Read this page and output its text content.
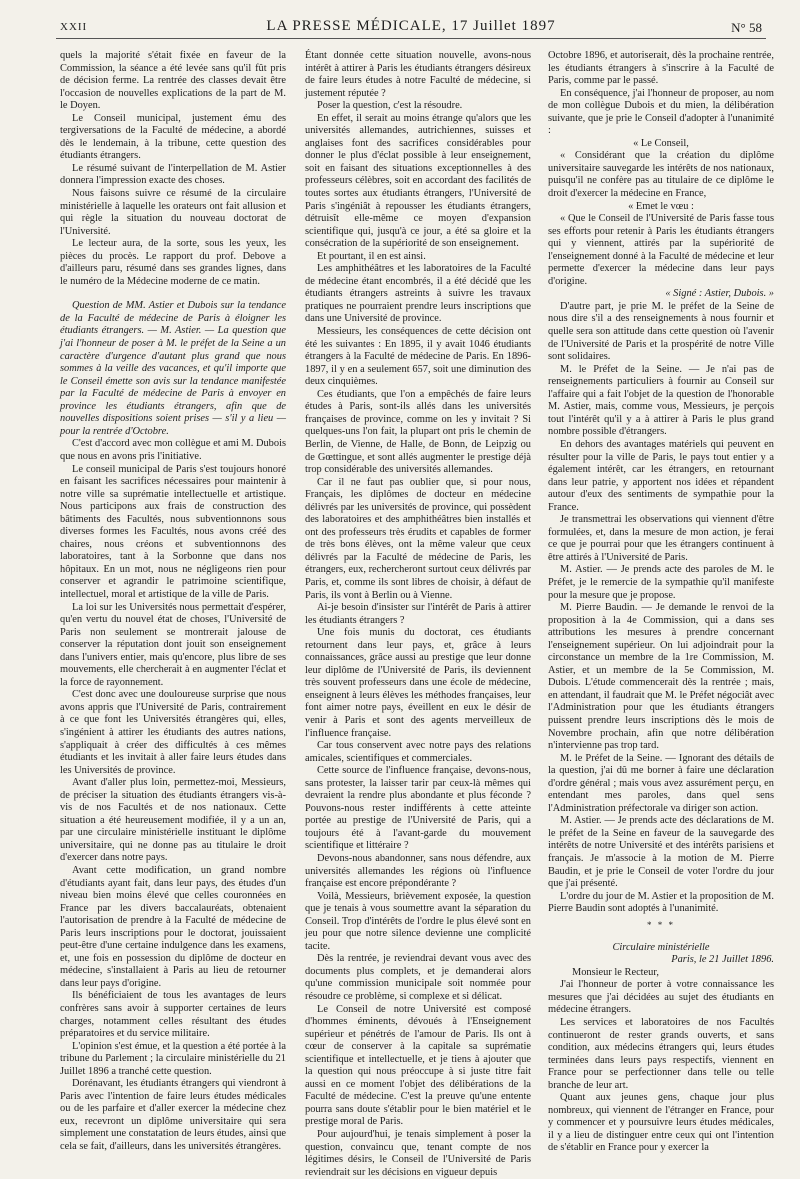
XXII	LA PRESSE MÉDICALE, 17 Juillet 1897	N° 58

quels la majorité s'était fixée en faveur de la Commission, la séance a été levée sans qu'il fût pris de décision ferme. La rentrée des classes devait être l'occasion de nouvelles explications de la part de M. le Doyen.

Le Conseil municipal, justement ému des tergiversations de la Faculté de médecine, a abordé dès le lendemain, à la tribune, cette question des étudiants étrangers.

Le résumé suivant de l'interpellation de M. Astier donnera l'impression exacte des choses.

Nous faisons suivre ce résumé de la circulaire ministérielle à laquelle les orateurs ont fait allusion et qui règle la situation du nouveau doctorat de l'Université.

Le lecteur aura, de la sorte, sous les yeux, les pièces du procès. Le rapport du prof. Debove a d'ailleurs paru, résumé dans ses grandes lignes, dans le numéro de la Médecine moderne de ce matin.

Question de MM. Astier et Dubois sur la tendance de la Faculté de médecine de Paris à éloigner les étudiants étrangers. — M. Astier. — La question que j'ai l'honneur de poser à M. le préfet de la Seine a un caractère d'urgence d'autant plus grand que nous sommes à la veille des vacances, et qu'il importe que le Conseil émette son avis sur la tendance manifestée par la Faculté de médecine de Paris à envoyer en province les étudiants étrangers, afin que de nouvelles dispositions soient prises — s'il y a lieu — pour la rentrée d'Octobre.

C'est d'accord avec mon collègue et ami M. Dubois que nous en avons pris l'initiative.

Le conseil municipal de Paris s'est toujours honoré en faisant les sacrifices nécessaires pour maintenir à notre ville sa suprématie intellectuelle et artistique. Nous participons aux frais de construction des bâtiments des Facultés, nous subventionnons sous diverses formes les Facultés, nous avons créé des chaires, nous créons et subventionnons des laboratoires, tant à la Sorbonne que dans nos hôpitaux. En un mot, nous ne négligeons rien pour conserver et agrandir le patrimoine scientifique, intellectuel, moral et artistique de la ville de Paris.

La loi sur les Universités nous permettait d'espérer, qu'en vertu du nouvel état de choses, l'Université de Paris non seulement se montrerait jalouse de conserver la réputation dont jouit son enseignement dans l'univers entier, mais qu'encore, plus libre de ses mouvements, elle chercherait à en augmenter l'éclat et la force de rayonnement.

C'est donc avec une douloureuse surprise que nous avons appris que l'Université de Paris, contrairement à ce que font les Universités étrangères qui, elles, s'ingénient à attirer les étudiants des autres nations, s'appliquait à créer des difficultés à ces mêmes étudiants et les invitait à aller faire leurs études dans les Universités de province.

Avant d'aller plus loin, permettez-moi, Messieurs, de préciser la situation des étudiants étrangers vis-à-vis de nos Facultés et de nos nationaux. Cette situation a été heureusement modifiée, il y a un an, par une circulaire ministérielle instituant le diplôme universitaire, qui ne donne pas au titulaire le droit d'exercer dans notre pays.

Avant cette modification, un grand nombre d'étudiants ayant fait, dans leur pays, des études d'un niveau bien moins élevé que celles couronnées en France par les divers baccalauréats, obtenaient l'autorisation de prendre à la Faculté de médecine de Paris leurs inscriptions pour le doctorat, jouissaient peut-être d'une certaine indulgence dans les examens, et, une fois en possession du diplôme de docteur en médecine, s'installaient à Paris au lieu de retourner dans leur pays d'origine.

Ils bénéficiaient de tous les avantages de leurs confrères sans avoir à supporter certaines de leurs charges, notamment celles résultant des études préparatoires et du service militaire.

L'opinion s'est émue, et la question a été portée à la tribune du Parlement ; la circulaire ministérielle du 21 Juillet 1896 a tranché cette question.

Dorénavant, les étudiants étrangers qui viendront à Paris avec l'intention de faire leurs études médicales ou de les parfaire et d'aller exercer la médecine chez eux, recevront un diplôme universitaire qui sera simplement une constatation de leurs études, ainsi que cela se fait, d'ailleurs, dans les universités étrangères.

Étant donnée cette situation nouvelle, avons-nous intérêt à attirer à Paris les étudiants étrangers désireux de faire leurs études à notre Faculté de médecine, si justement réputée ?

Poser la question, c'est la résoudre.

En effet, il serait au moins étrange qu'alors que les universités allemandes, autrichiennes, suisses et anglaises font des sacrifices considérables pour donner le plus d'éclat possible à leur enseignement, soit en faisant des situations exceptionnelles à des professeurs célèbres, soit en accordant des facilités de toutes sortes aux étudiants étrangers, l'Université de Paris s'ingéniât à repousser les étudiants étrangers, détruisît elle-même ce moyen d'expansion scientifique qui, jusqu'à ce jour, a été sa gloire et la consécration de la supériorité de son enseignement.

Et pourtant, il en est ainsi.

Les amphithéâtres et les laboratoires de la Faculté de médecine étant encombrés, il a été décidé que les étudiants étrangers astreints à suivre les travaux pratiques ne pourraient prendre leurs inscriptions que dans une Université de province.

Messieurs, les conséquences de cette décision ont été les suivantes : En 1895, il y avait 1046 étudiants étrangers à la Faculté de médecine de Paris. En 1896-1897, il y en a seulement 657, soit une diminution des deux cinquièmes.

Ces étudiants, que l'on a empêchés de faire leurs études à Paris, sont-ils allés dans les universités françaises de province, comme on les y invitait ? Si quelques-uns l'on fait, la plupart ont pris le chemin de Berlin, de Vienne, de Halle, de Bonn, de Leipzig ou de Gœttingue, et sont allés augmenter le prestige déjà trop considérable des universités allemandes.

Car il ne faut pas oublier que, si pour nous, Français, les diplômes de docteur en médecine délivrés par les universités de province, qui possèdent des laboratoires et des amphithéâtres bien installés et ont des professeurs très érudits et capables de former de très bons élèves, ont la même valeur que ceux délivrés par la Faculté de médecine de Paris, les étrangers, eux, rechercheront surtout ceux délivrés par Paris, et, comme ils sont libres de choisir, à défaut de Paris, ils vont à Berlin ou à Vienne.

Ai-je besoin d'insister sur l'intérêt de Paris à attirer les étudiants étrangers ?

Une fois munis du doctorat, ces étudiants retournent dans leur pays, et, grâce à leurs connaissances, grâce aussi au prestige que leur donne leur diplôme de l'Université de Paris, ils deviennent très souvent professeurs dans une école de médecine, enseignent à leurs élèves les méthodes françaises, leur font aimer notre pays, éveillent en eux le désir de venir à Paris et sont des agents merveilleux de l'influence française.

Car tous conservent avec notre pays des relations amicales, scientifiques et commerciales.

Cette source de l'influence française, devons-nous, sans protester, la laisser tarir par ceux-là mêmes qui devraient la rendre plus abondante et plus féconde ? Pouvons-nous rester indifférents à cette atteinte portée au prestige de l'Université de Paris, qui a toujours été à l'avant-garde du mouvement scientifique et littéraire ?

Devons-nous abandonner, sans nous défendre, aux universités allemandes les régions où l'influence française est encore prépondérante ?

Voilà, Messieurs, brièvement exposée, la question que je tenais à vous soumettre avant la séparation du Conseil. Trop d'intérêts de l'ordre le plus élevé sont en jeu pour que notre silence devienne une complicité tacite.

Dès la rentrée, je reviendrai devant vous avec des documents plus complets, et je demanderai alors qu'une commission municipale soit nommée pour résoudre ce problème, si complexe et si délicat.

Le Conseil de notre Université est composé d'hommes éminents, dévoués à l'Enseignement supérieur et pénétrés de l'amour de Paris. Ils ont à cœur de conserver à la capitale sa suprématie scientifique et intellectuelle, et je tiens à ajouter que la question qui nous préoccupe à si juste titre fait aussi en ce moment l'objet des délibérations de la Faculté de médecine. C'est la preuve qu'une entente pourra sans doute s'établir pour le bien matériel et le prestige moral de Paris.

Pour aujourd'hui, je tenais simplement à poser la question, convaincu que, tenant compte de nos légitimes désirs, le Conseil de l'Université de Paris reviendrait sur les décisions en vigueur depuis

Octobre 1896, et autoriserait, dès la prochaine rentrée, les étudiants étrangers à s'inscrire à la Faculté de Paris, comme par le passé.

En conséquence, j'ai l'honneur de proposer, au nom de mon collègue Dubois et du mien, la délibération suivante, que je prie le Conseil d'adopter à l'unanimité :

« Le Conseil,

« Considérant que la création du diplôme universitaire sauvegarde les intérêts de nos nationaux, puisqu'il ne confère pas au titulaire de ce diplôme le droit d'exercer la médecine en France,

« Emet le vœu :

« Que le Conseil de l'Université de Paris fasse tous ses efforts pour retenir à Paris les étudiants étrangers qui y viennent, attirés par la supériorité de l'enseignement donné à la Faculté de médecine et leur permette d'exercer la médecine dans leur pays d'origine.

« Signé : Astier, Dubois. »

D'autre part, je prie M. le préfet de la Seine de nous dire s'il a des renseignements à nous fournir et quelle sera son attitude dans cette question où l'avenir de l'Université de Paris et la prospérité de notre Ville sont solidaires.

M. le Préfet de la Seine. — Je n'ai pas de renseignements particuliers à fournir au Conseil sur l'affaire qui a fait l'objet de la question de l'honorable M. Astier, mais, comme vous, Messieurs, je perçois tout l'intérêt qu'il y a à attirer à Paris le plus grand nombre possible d'étrangers.

En dehors des avantages matériels qui peuvent en résulter pour la ville de Paris, le pays tout entier y a également intérêt, car les étrangers, en retournant dans leur patrie, y apportent nos idées et répandent autour d'eux des sentiments de sympathie pour la France.

Je transmettrai les observations qui viennent d'être formulées, et, dans la mesure de mon action, je ferai ce que je pourrai pour que les étrangers continuent à être attirés à l'Université de Paris.

M. Astier. — Je prends acte des paroles de M. le Préfet, je le remercie de la sympathie qu'il manifeste pour la mesure que je propose.

M. Pierre Baudin. — Je demande le renvoi de la proposition à la 4e Commission, qui a dans ses attributions les mesures à prendre concernant l'enseignement supérieur. On lui adjoindrait pour la circonstance un membre de la 1re Commission, M. Astier, et un membre de la 5e Commission, M. Dubois. L'étude commencerait dès la rentrée ; mais, en attendant, il faudrait que M. le Préfet négociât avec l'Administration pour que les étudiants étrangers puissent prendre leurs inscriptions dès le mois de Novembre prochain, afin que notre délibération n'intervienne pas trop tard.

M. le Préfet de la Seine. — Ignorant des détails de la question, j'ai dû me borner à faire une déclaration d'ordre général ; mais vous avez assurément perçu, en entendant mes paroles, dans quel sens l'Administration préfectorale va diriger son action.

M. Astier. — Je prends acte des déclarations de M. le préfet de la Seine en faveur de la sauvegarde des intérêts de notre Université et des intérêts parisiens et français. Je m'associe à la motion de M. Pierre Baudin, et je prie le Conseil de voter l'ordre du jour que j'ai présenté.

L'ordre du jour de M. Astier et la proposition de M. Pierre Baudin sont adoptés à l'unanimité.

* * *

Circulaire ministérielle

Paris, le 21 Juillet 1896.

Monsieur le Recteur,

J'ai l'honneur de porter à votre connaissance les mesures que j'ai décidées au sujet des étudiants en médecine étrangers.

Les services et laboratoires de nos Facultés continueront de rester grands ouverts, et sans condition, aux médecins étrangers qui, leurs études terminées dans leurs pays respectifs, viennent en France pour se perfectionner dans telle ou telle branche de leur art.

Quant aux jeunes gens, chaque jour plus nombreux, qui viennent de l'étranger en France, pour y commencer et y poursuivre leurs études médicales, il y a lieu de distinguer entre ceux qui ont l'intention de s'établir en France pour y exercer la
